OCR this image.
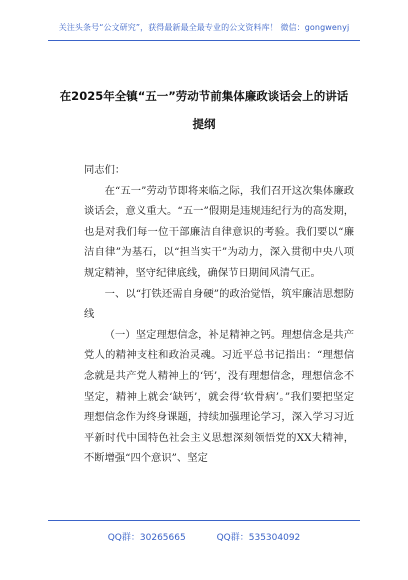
关注头条号“公文研究”，获得最新最全最专业的公文资料库！ 微信：gongwenyj
在2025年全镇“五一”劳动节前集体廉政谈话会上的讲话
提纲

同志们：

在“五一”劳动节即将来临之际，我们召开这次集体廉政谈话会，意义重大。“五一”假期是违规违纪行为的高发期，也是对我们每一位干部廉洁自律意识的考验。我们要以“廉洁自律”为基石，以“担当实干”为动力，深入贯彻中央八项规定精神，坚守纪律底线，确保节日期间风清气正。

一、以“打铁还需自身硬”的政治觉悟，筑牢廉洁思想防线

（一）坚定理想信念，补足精神之钙。理想信念是共产党人的精神支柱和政治灵魂。习近平总书记指出：“理想信念就是共产党人精神上的‘钙’，没有理想信念，理想信念不坚定，精神上就会‘缺钙’，就会得‘软骨病’。”我们要把坚定理想信念作为终身课题，持续加强理论学习，深入学习习近平新时代中国特色社会主义思想深刻领悟党的XX大精神，不断增强“四个意识”、坚定

QQ群：30265665	QQ群：535304092
